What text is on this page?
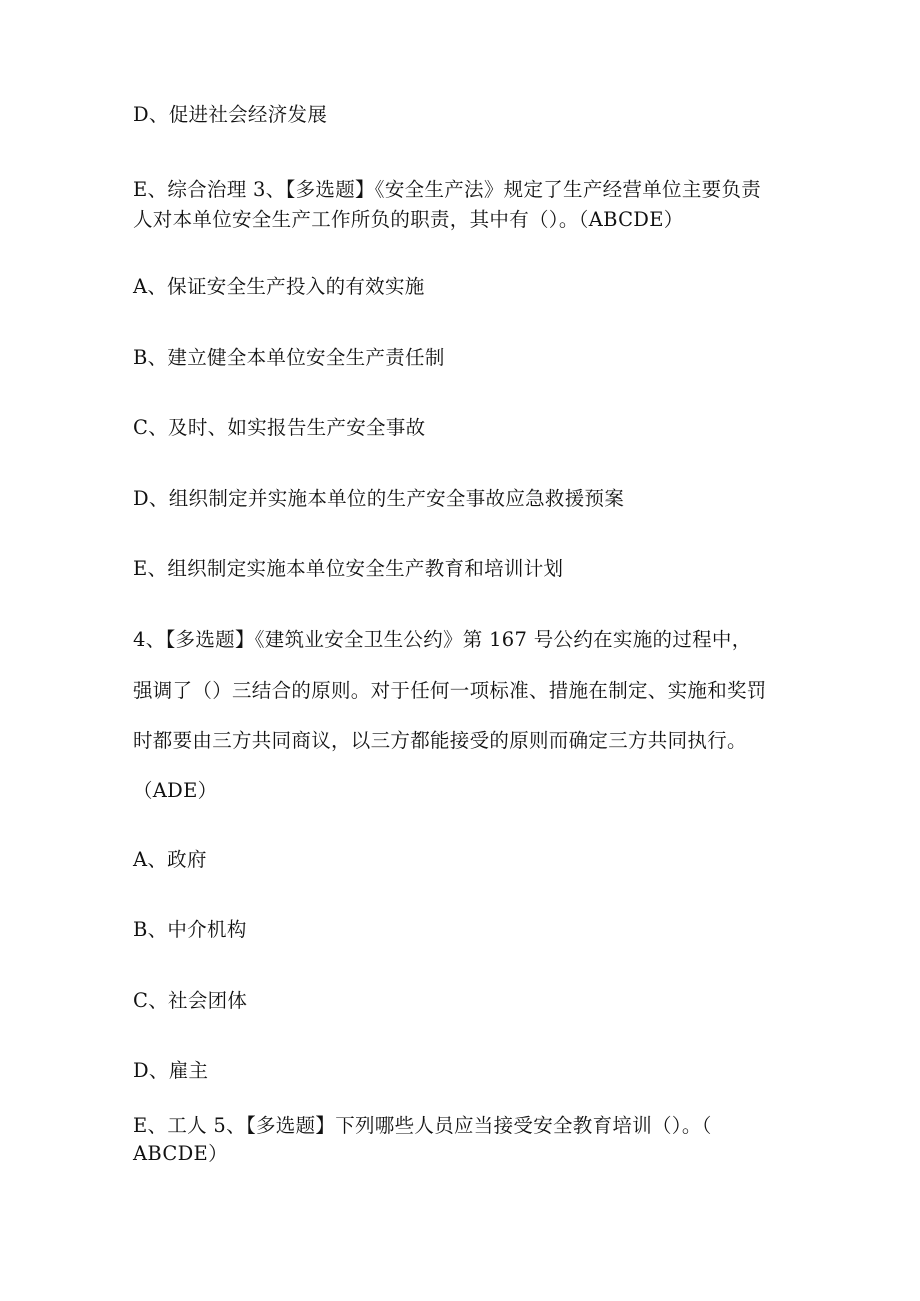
D、促进社会经济发展
E、综合治理 3、【多选题】《安全生产法》规定了生产经营单位主要负责
人对本单位安全生产工作所负的职责，其中有（）。（ABCDE）
A、保证安全生产投入的有效实施
B、建立健全本单位安全生产责任制
C、及时、如实报告生产安全事故
D、组织制定并实施本单位的生产安全事故应急救援预案
E、组织制定实施本单位安全生产教育和培训计划
4、【多选题】《建筑业安全卫生公约》第 167 号公约在实施的过程中，
强调了（）三结合的原则。对于任何一项标准、措施在制定、实施和奖罚
时都要由三方共同商议，以三方都能接受的原则而确定三方共同执行。
（ADE）
A、政府
B、中介机构
C、社会团体
D、雇主
E、工人 5、【多选题】下列哪些人员应当接受安全教育培训（）。（
ABCDE）
